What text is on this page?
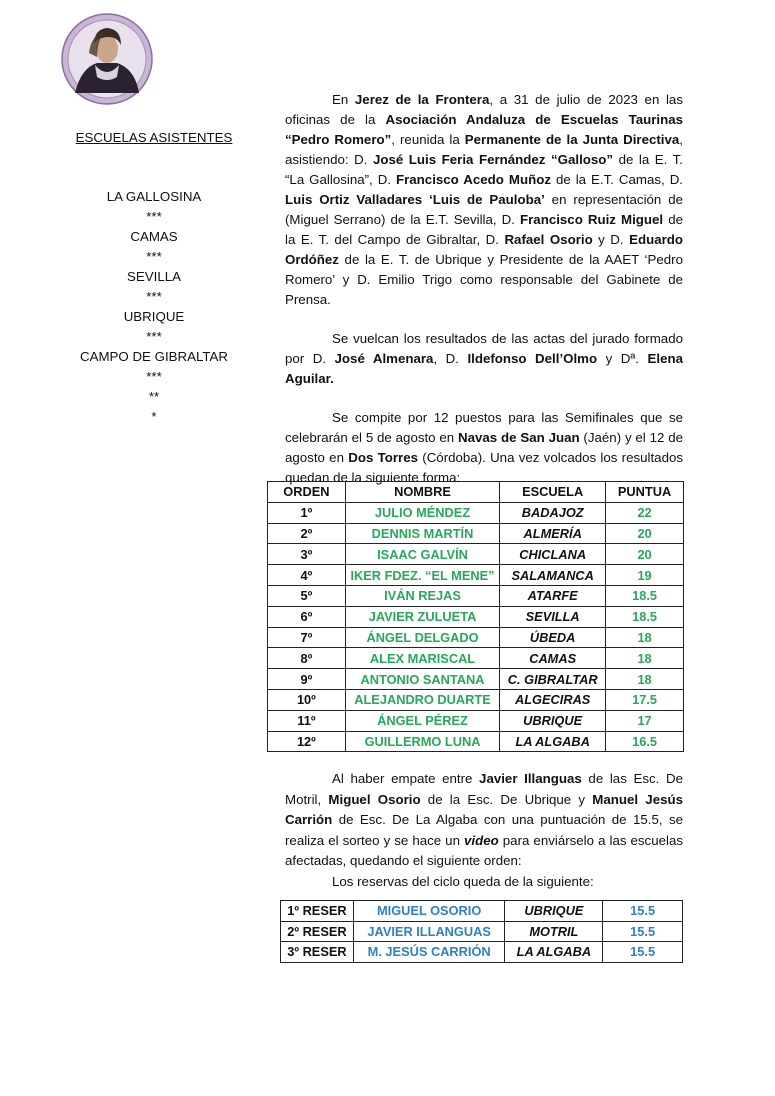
ESCUELAS ASISTENTES
LA GALLOSINA
***
CAMAS
***
SEVILLA
***
UBRIQUE
***
CAMPO DE GIBRALTAR
***
**
*

En Jerez de la Frontera, a 31 de julio de 2023 en las oficinas de la Asociación Andaluza de Escuelas Taurinas “Pedro Romero”, reunida la Permanente de la Junta Directiva, asistiendo: D. José Luis Feria Fernández “Galloso” de la E. T. “La Gallosina”, D. Francisco Acedo Muñoz de la E.T. Camas, D. Luis Ortiz Valladares ‘Luis de Pauloba’ en representación de (Miguel Serrano) de la E.T. Sevilla, D. Francisco Ruiz Miguel de la E. T. del Campo de Gibraltar, D. Rafael Osorio y D. Eduardo Ordóñez de la E. T. de Ubrique y Presidente de la AAET ‘Pedro Romero’ y D. Emilio Trigo como responsable del Gabinete de Prensa.

Se vuelcan los resultados de las actas del jurado formado por D. José Almenara, D. Ildefonso Dell’Olmo y Dª. Elena Aguilar.

Se compite por 12 puestos para las Semifinales que se celebrarán el 5 de agosto en Navas de San Juan (Jaén) y el 12 de agosto en Dos Torres (Córdoba). Una vez volcados los resultados quedan de la siguiente forma:

ORDEN	NOMBRE	ESCUELA	PUNTUA
1º	JULIO MÉNDEZ	BADAJOZ	22
2º	DENNIS MARTÍN	ALMERÍA	20
3º	ISAAC GALVÍN	CHICLANA	20
4º	IKER FDEZ. “EL MENE”	SALAMANCA	19
5º	IVÁN REJAS	ATARFE	18.5
6º	JAVIER ZULUETA	SEVILLA	18.5
7º	ÁNGEL DELGADO	ÚBEDA	18
8º	ALEX MARISCAL	CAMAS	18
9º	ANTONIO SANTANA	C. GIBRALTAR	18
10º	ALEJANDRO DUARTE	ALGECIRAS	17.5
11º	ÁNGEL PÉREZ	UBRIQUE	17
12º	GUILLERMO LUNA	LA ALGABA	16.5

Al haber empate entre Javier Illanguas de las Esc. De Motril, Miguel Osorio de la Esc. De Ubrique y Manuel Jesús Carrión de Esc. De La Algaba con una puntuación de 15.5, se realiza el sorteo y se hace un video para enviárselo a las escuelas afectadas, quedando el siguiente orden:

Los reservas del ciclo queda de la siguiente:

1º RESER	MIGUEL OSORIO	UBRIQUE	15.5
2º RESER	JAVIER ILLANGUAS	MOTRIL	15.5
3º RESER	M. JESÚS CARRIÓN	LA ALGABA	15.5
